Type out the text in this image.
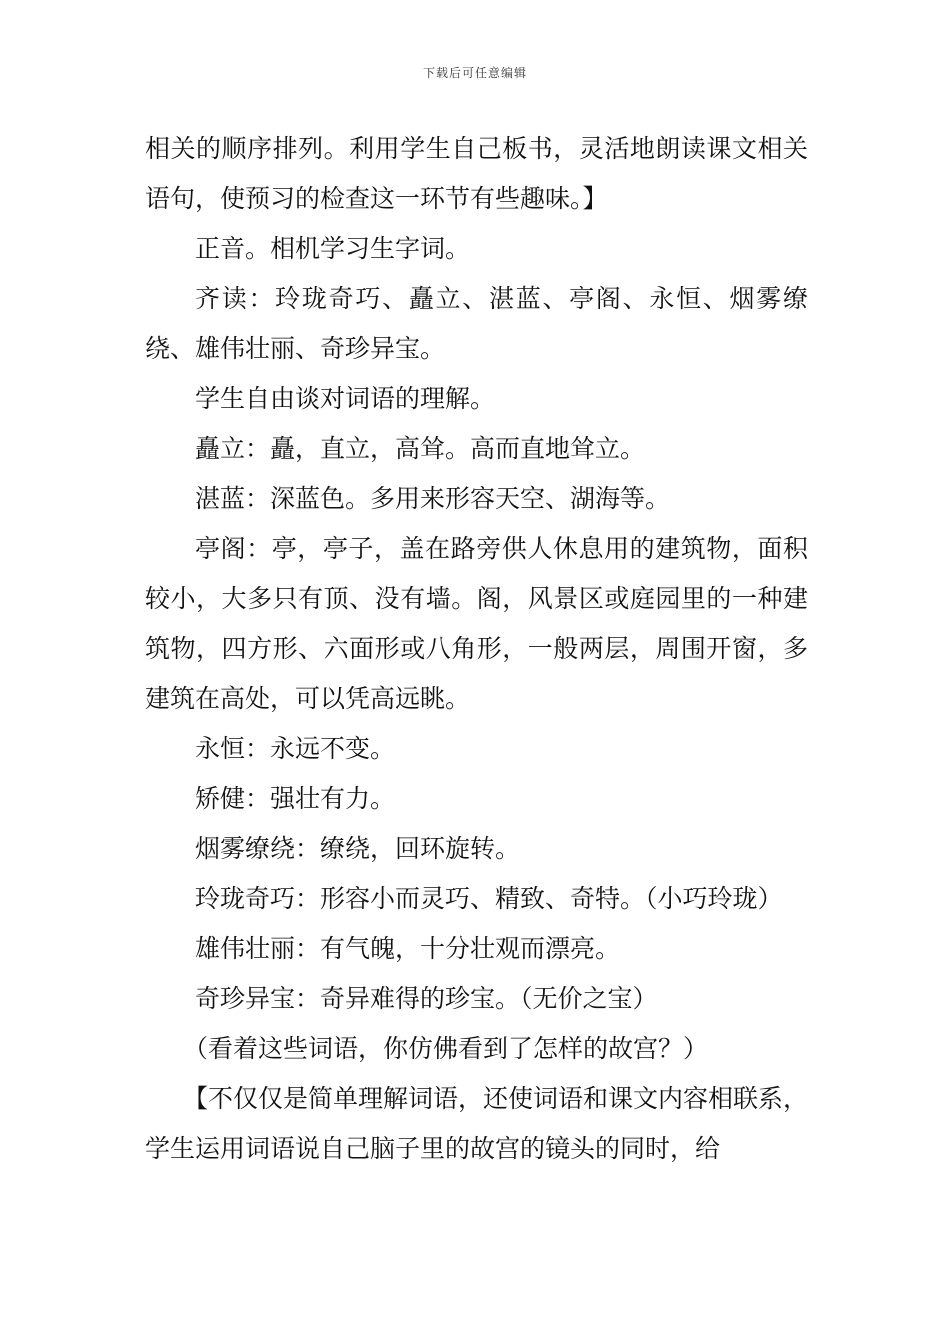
下载后可任意编辑

相关的顺序排列。利用学生自己板书，灵活地朗读课文相关语句，使预习的检查这一环节有些趣味。】

正音。相机学习生字词。

齐读：玲珑奇巧、矗立、湛蓝、亭阁、永恒、烟雾缭绕、雄伟壮丽、奇珍异宝。

学生自由谈对词语的理解。

矗立：矗，直立，高耸。高而直地耸立。

湛蓝：深蓝色。多用来形容天空、湖海等。

亭阁：亭，亭子，盖在路旁供人休息用的建筑物，面积较小，大多只有顶、没有墙。阁，风景区或庭园里的一种建筑物，四方形、六面形或八角形，一般两层，周围开窗，多建筑在高处，可以凭高远眺。

永恒：永远不变。

矫健：强壮有力。

烟雾缭绕：缭绕，回环旋转。

玲珑奇巧：形容小而灵巧、精致、奇特。（小巧玲珑）

雄伟壮丽：有气魄，十分壮观而漂亮。

奇珍异宝：奇异难得的珍宝。（无价之宝）

（看着这些词语，你仿佛看到了怎样的故宫？）

【不仅仅是简单理解词语，还使词语和课文内容相联系，学生运用词语说自己脑子里的故宫的镜头的同时，给
